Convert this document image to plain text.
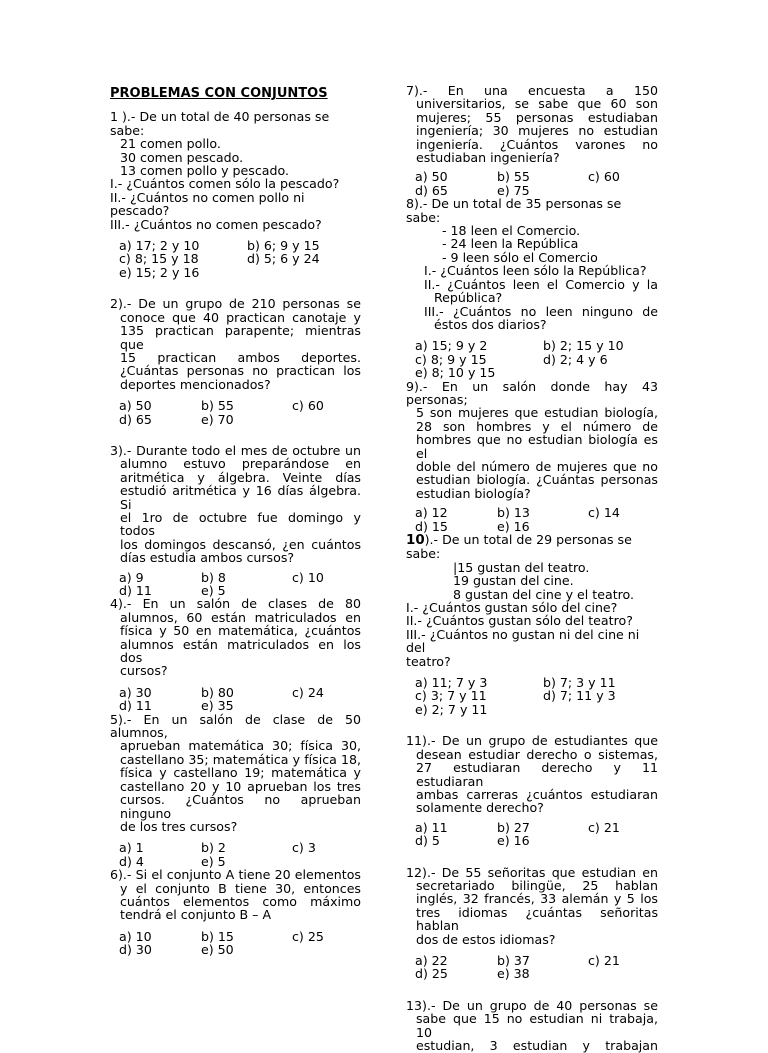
PROBLEMAS CON CONJUNTOS
1 ).- De un total de 40 personas se sabe:
21 comen pollo.
30 comen pescado.
13 comen pollo y pescado.
I.- ¿Cuántos comen sólo la pescado?
II.- ¿Cuántos no comen pollo ni pescado?
III.- ¿Cuántos no comen pescado?
a) 17; 2 y 10	b) 6; 9 y 15
c) 8; 15 y 18	d) 5; 6 y 24
e) 15; 2 y 16
2).- De un grupo de 210 personas se
conoce que 40 practican canotaje y
135 practican parapente; mientras que
15 practican ambos deportes.
¿Cuántas personas no practican los
deportes mencionados?
a) 50	b) 55	c) 60
d) 65	e) 70
3).- Durante todo el mes de octubre un
alumno estuvo preparándose en
aritmética y álgebra. Veinte días
estudió aritmética y 16 días álgebra. Si
el 1ro de octubre fue domingo y todos
los domingos descansó, ¿en cuántos
días estudia ambos cursos?
a) 9	b) 8	c) 10
d) 11	e) 5
4).- En un salón de clases de 80
alumnos, 60 están matriculados en
física y 50 en matemática, ¿cuántos
alumnos están matriculados en los dos
cursos?
a) 30	b) 80	c) 24
d) 11	e) 35
5).- En un salón de clase de 50 alumnos,
aprueban matemática 30; física 30,
castellano 35; matemática y física 18,
física y castellano 19; matemática y
castellano 20 y 10 aprueban los tres
cursos. ¿Cuántos no aprueban ninguno
de los tres cursos?
a) 1	b) 2	c) 3
d) 4	e) 5
6).- Si el conjunto A tiene 20 elementos
y el conjunto B tiene 30, entonces
cuántos elementos como máximo
tendrá el conjunto B – A
a) 10	b) 15	c) 25
d) 30	e) 50
7).- En una encuesta a 150
universitarios, se sabe que 60 son
mujeres; 55 personas estudiaban
ingeniería; 30 mujeres no estudian
ingeniería. ¿Cuántos varones no
estudiaban ingeniería?
a) 50	b) 55	c) 60
d) 65	e) 75
8).- De un total de 35 personas se sabe:
- 18 leen el Comercio.
- 24 leen la República
- 9 leen sólo el Comercio
I.- ¿Cuántos leen sólo la República?
II.- ¿Cuántos leen el Comercio y la
República?
III.- ¿Cuántos no leen ninguno de
éstos dos diarios?
a) 15; 9 y 2	b) 2; 15 y 10
c) 8; 9 y 15	d) 2; 4 y 6
e) 8; 10 y 15
9).- En un salón donde hay 43 personas;
5 son mujeres que estudian biología,
28 son hombres y el número de
hombres que no estudian biología es el
doble del número de mujeres que no
estudian biología. ¿Cuántas personas
estudian biología?
a) 12	b) 13	c) 14
d) 15	e) 16
10).- De un total de 29 personas se
sabe:
|15 gustan del teatro.
19 gustan del cine.
8 gustan del cine y el teatro.
I.- ¿Cuántos gustan sólo del cine?
II.- ¿Cuántos gustan sólo del teatro?
III.- ¿Cuántos no gustan ni del cine ni del
teatro?
a) 11; 7 y 3	b) 7; 3 y 11
c) 3; 7 y 11	d) 7; 11 y 3
e) 2; 7 y 11
11).- De un grupo de estudiantes que
desean estudiar derecho o sistemas,
27 estudiaran derecho y 11 estudiaran
ambas carreras ¿cuántos estudiaran
solamente derecho?
a) 11	b) 27	c) 21
d) 5	e) 16
12).- De 55 señoritas que estudian en
secretariado bilingüe, 25 hablan
inglés, 32 francés, 33 alemán y 5 los
tres idiomas ¿cuántas señoritas hablan
dos de estos idiomas?
a) 22	b) 37	c) 21
d) 25	e) 38
13).- De un grupo de 40 personas se
sabe que 15 no estudian ni trabaja, 10
estudian, 3 estudian y trabajan
